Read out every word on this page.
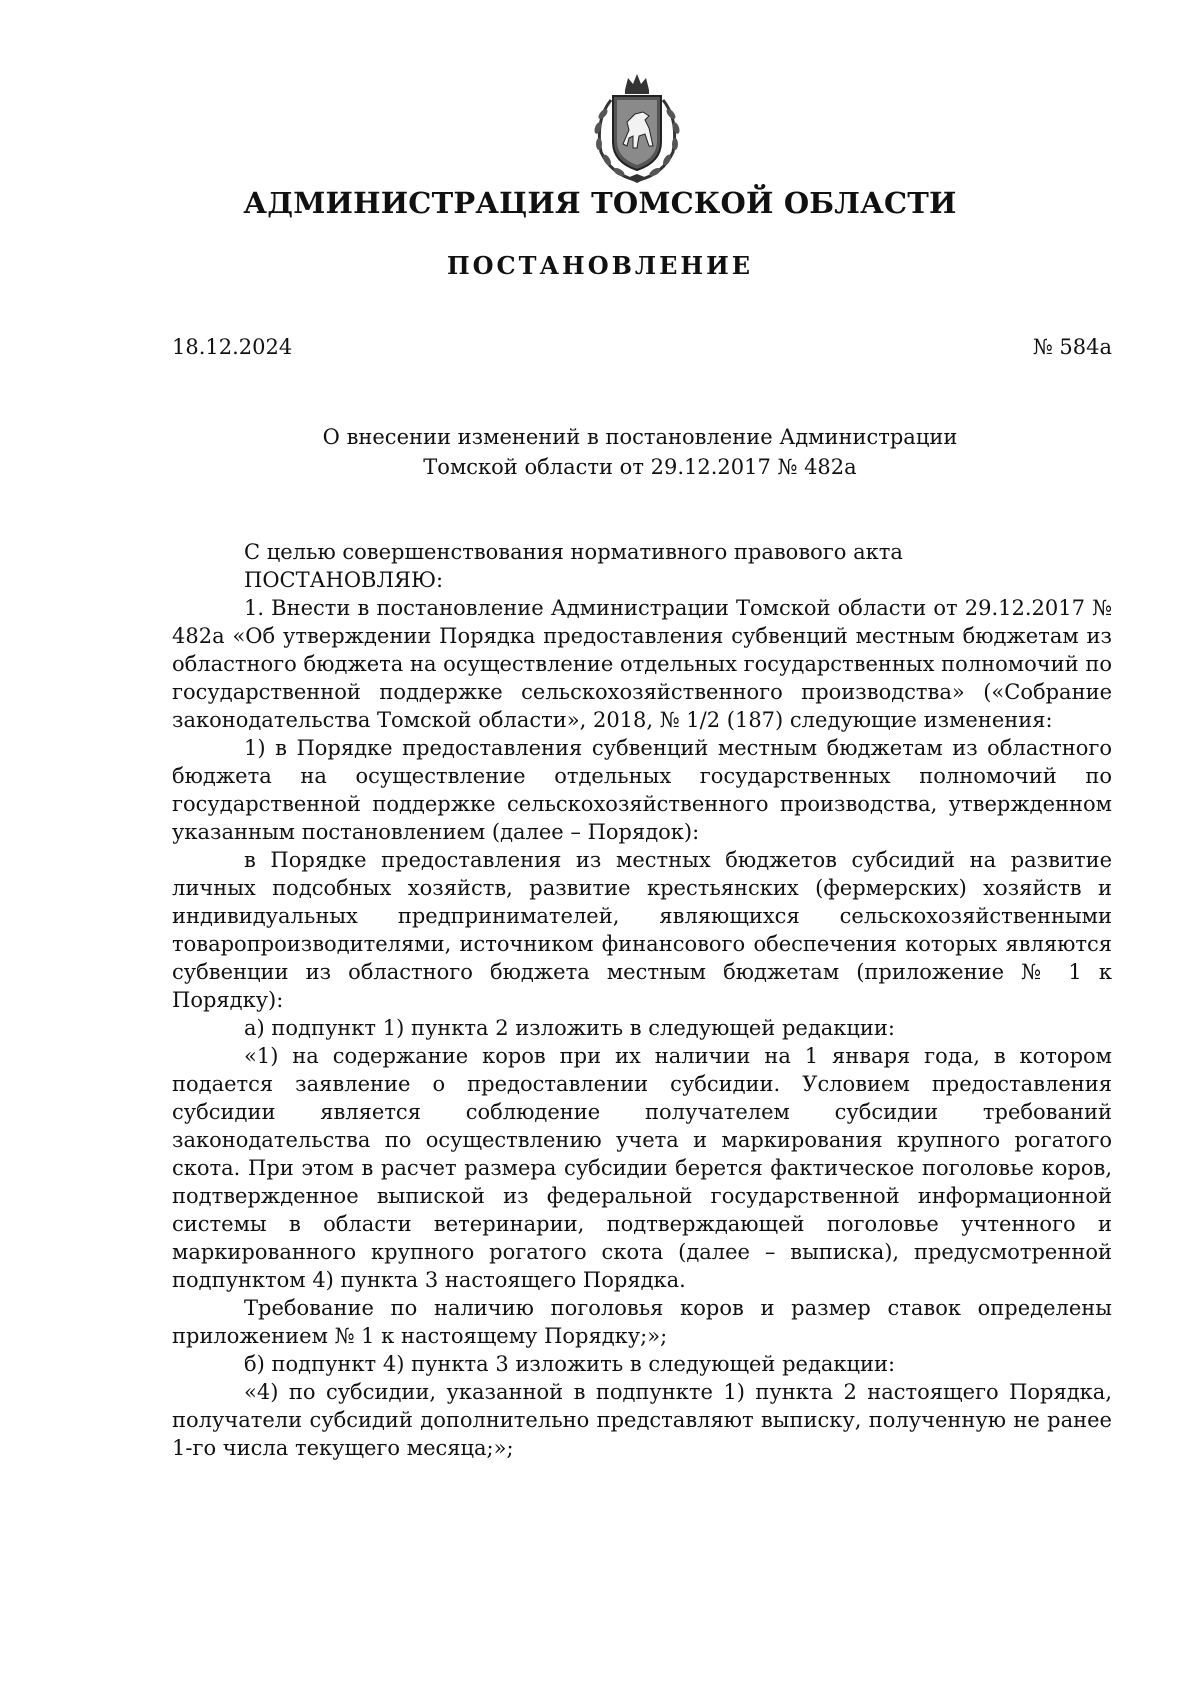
АДМИНИСТРАЦИЯ ТОМСКОЙ ОБЛАСТИ
ПОСТАНОВЛЕНИЕ
18.12.2024	№ 584а
О внесении изменений в постановление Администрации
Томской области от 29.12.2017 № 482а

С целью совершенствования нормативного правового акта

ПОСТАНОВЛЯЮ:

1. Внести в постановление Администрации Томской области от 29.12.2017 № 482а «Об утверждении Порядка предоставления субвенций местным бюджетам из областного бюджета на осуществление отдельных государственных полномочий по государственной поддержке сельскохозяйственного производства» («Собрание законодательства Томской области», 2018, № 1/2 (187) следующие изменения:

1) в Порядке предоставления субвенций местным бюджетам из областного бюджета на осуществление отдельных государственных полномочий по государственной поддержке сельскохозяйственного производства, утвержденном указанным постановлением (далее – Порядок):

в Порядке предоставления из местных бюджетов субсидий на развитие личных подсобных хозяйств, развитие крестьянских (фермерских) хозяйств и индивидуальных предпринимателей, являющихся сельскохозяйственными товаропроизводителями, источником финансового обеспечения которых являются субвенции из областного бюджета местным бюджетам (приложение № 1 к Порядку):

а) подпункт 1) пункта 2 изложить в следующей редакции:

«1) на содержание коров при их наличии на 1 января года, в котором подается заявление о предоставлении субсидии. Условием предоставления субсидии является соблюдение получателем субсидии требований законодательства по осуществлению учета и маркирования крупного рогатого скота. При этом в расчет размера субсидии берется фактическое поголовье коров, подтвержденное выпиской из федеральной государственной информационной системы в области ветеринарии, подтверждающей поголовье учтенного и маркированного крупного рогатого скота (далее – выписка), предусмотренной подпунктом 4) пункта 3 настоящего Порядка.

Требование по наличию поголовья коров и размер ставок определены приложением № 1 к настоящему Порядку;»;

б) подпункт 4) пункта 3 изложить в следующей редакции:

«4) по субсидии, указанной в подпункте 1) пункта 2 настоящего Порядка, получатели субсидий дополнительно представляют выписку, полученную не ранее 1-го числа текущего месяца;»;
